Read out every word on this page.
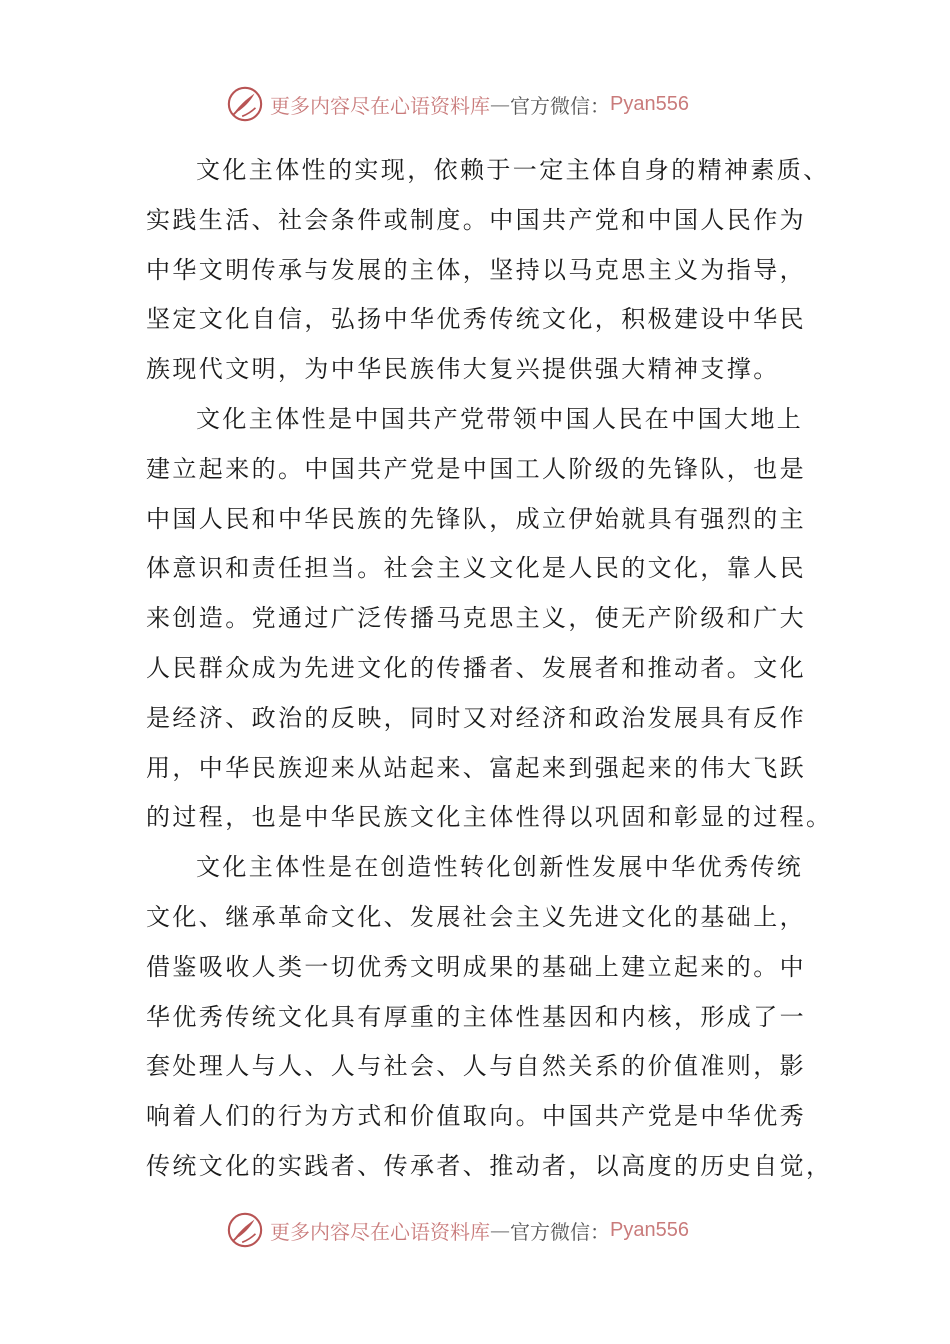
更多内容尽在心语资料库 — 官方微信： Pyan556
文化主体性的实现，依赖于一定主体自身的精神素质、
实践生活、社会条件或制度。中国共产党和中国人民作为
中华文明传承与发展的主体，坚持以马克思主义为指导，
坚定文化自信，弘扬中华优秀传统文化，积极建设中华民
族现代文明，为中华民族伟大复兴提供强大精神支撑。
文化主体性是中国共产党带领中国人民在中国大地上
建立起来的。中国共产党是中国工人阶级的先锋队，也是
中国人民和中华民族的先锋队，成立伊始就具有强烈的主
体意识和责任担当。社会主义文化是人民的文化，靠人民
来创造。党通过广泛传播马克思主义，使无产阶级和广大
人民群众成为先进文化的传播者、发展者和推动者。文化
是经济、政治的反映，同时又对经济和政治发展具有反作
用，中华民族迎来从站起来、富起来到强起来的伟大飞跃
的过程，也是中华民族文化主体性得以巩固和彰显的过程。
文化主体性是在创造性转化创新性发展中华优秀传统
文化、继承革命文化、发展社会主义先进文化的基础上，
借鉴吸收人类一切优秀文明成果的基础上建立起来的。中
华优秀传统文化具有厚重的主体性基因和内核，形成了一
套处理人与人、人与社会、人与自然关系的价值准则，影
响着人们的行为方式和价值取向。中国共产党是中华优秀
传统文化的实践者、传承者、推动者，以高度的历史自觉，
更多内容尽在心语资料库 — 官方微信： Pyan556
